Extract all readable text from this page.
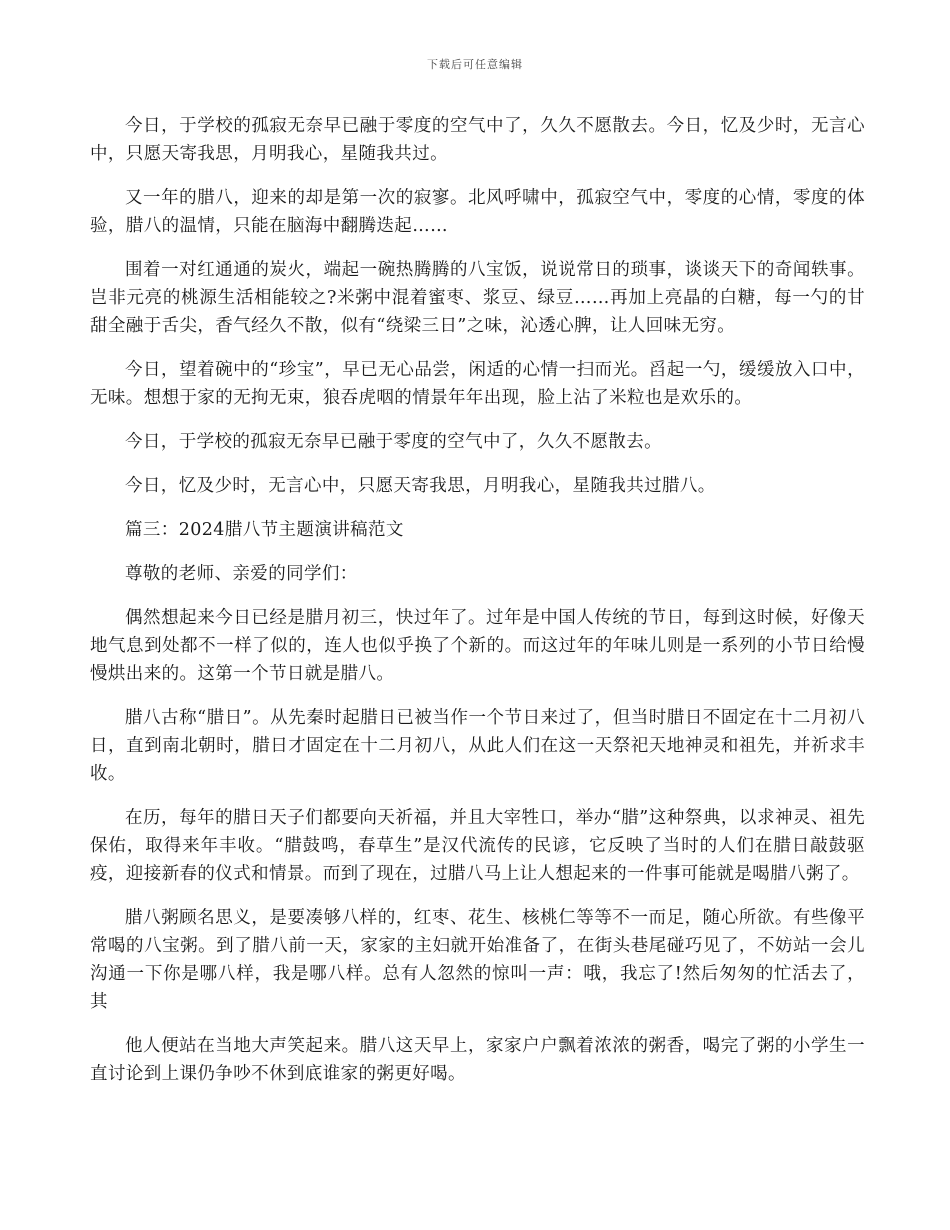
下载后可任意编辑

今日，于学校的孤寂无奈早已融于零度的空气中了，久久不愿散去。今日，忆及少时，无言心中，只愿天寄我思，月明我心，星随我共过。

又一年的腊八，迎来的却是第一次的寂寥。北风呼啸中，孤寂空气中，零度的心情，零度的体验，腊八的温情，只能在脑海中翻腾迭起……

围着一对红通通的炭火，端起一碗热腾腾的八宝饭，说说常日的琐事，谈谈天下的奇闻轶事。岂非元亮的桃源生活相能较之?米粥中混着蜜枣、浆豆、绿豆……再加上亮晶的白糖，每一勺的甘甜全融于舌尖，香气经久不散，似有“绕梁三日”之味，沁透心脾，让人回味无穷。

今日，望着碗中的“珍宝”，早已无心品尝，闲适的心情一扫而光。舀起一勺，缓缓放入口中，无味。想想于家的无拘无束，狼吞虎咽的情景年年出现，脸上沾了米粒也是欢乐的。

今日，于学校的孤寂无奈早已融于零度的空气中了，久久不愿散去。

今日，忆及少时，无言心中，只愿天寄我思，月明我心，星随我共过腊八。

篇三：2024腊八节主题演讲稿范文

尊敬的老师、亲爱的同学们：

偶然想起来今日已经是腊月初三，快过年了。过年是中国人传统的节日，每到这时候，好像天地气息到处都不一样了似的，连人也似乎换了个新的。而这过年的年味儿则是一系列的小节日给慢慢烘出来的。这第一个节日就是腊八。

腊八古称“腊日”。从先秦时起腊日已被当作一个节日来过了，但当时腊日不固定在十二月初八日，直到南北朝时，腊日才固定在十二月初八，从此人们在这一天祭祀天地神灵和祖先，并祈求丰收。

在历，每年的腊日天子们都要向天祈福，并且大宰牲口，举办“腊”这种祭典，以求神灵、祖先保佑，取得来年丰收。“腊鼓鸣，春草生”是汉代流传的民谚，它反映了当时的人们在腊日敲鼓驱疫，迎接新春的仪式和情景。而到了现在，过腊八马上让人想起来的一件事可能就是喝腊八粥了。

腊八粥顾名思义，是要凑够八样的，红枣、花生、核桃仁等等不一而足，随心所欲。有些像平常喝的八宝粥。到了腊八前一天，家家的主妇就开始准备了，在街头巷尾碰巧见了，不妨站一会儿沟通一下你是哪八样，我是哪八样。总有人忽然的惊叫一声：哦，我忘了!然后匆匆的忙活去了，其

他人便站在当地大声笑起来。腊八这天早上，家家户户飘着浓浓的粥香，喝完了粥的小学生一直讨论到上课仍争吵不休到底谁家的粥更好喝。
